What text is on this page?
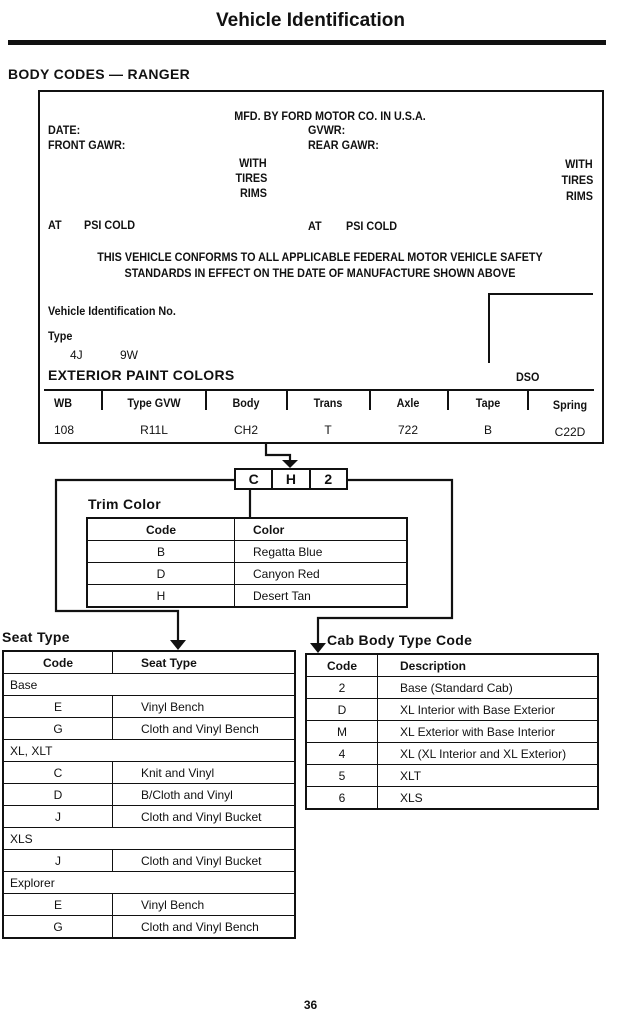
Vehicle Identification
BODY CODES — RANGER
MFD. BY FORD MOTOR CO. IN U.S.A.
DATE:	GVWR:
FRONT GAWR:	REAR GAWR:
WITH
TIRES
RIMS
WITH
TIRES
RIMS
AT PSI COLD	AT PSI COLD
THIS VEHICLE CONFORMS TO ALL APPLICABLE FEDERAL MOTOR VEHICLE SAFETY
STANDARDS IN EFFECT ON THE DATE OF MANUFACTURE SHOWN ABOVE
Vehicle Identification No.
Type
4J	9W
EXTERIOR PAINT COLORS	DSO
WB	Type GVW	Body	Trans	Axle	Tape	Spring
108	R11L	CH2	T	722	B	C22D
C	H	2
Trim Color
Code	Color
B	Regatta Blue
D	Canyon Red
H	Desert Tan
Seat Type
Code	Seat Type
Base	
E	Vinyl Bench
G	Cloth and Vinyl Bench
XL, XLT	
C	Knit and Vinyl
D	B/Cloth and Vinyl
J	Cloth and Vinyl Bucket
XLS	
J	Cloth and Vinyl Bucket
Explorer	
E	Vinyl Bench
G	Cloth and Vinyl Bench
Cab Body Type Code
Code	Description
2	Base (Standard Cab)
D	XL Interior with Base Exterior
M	XL Exterior with Base Interior
4	XL (XL Interior and XL Exterior)
5	XLT
6	XLS
36
